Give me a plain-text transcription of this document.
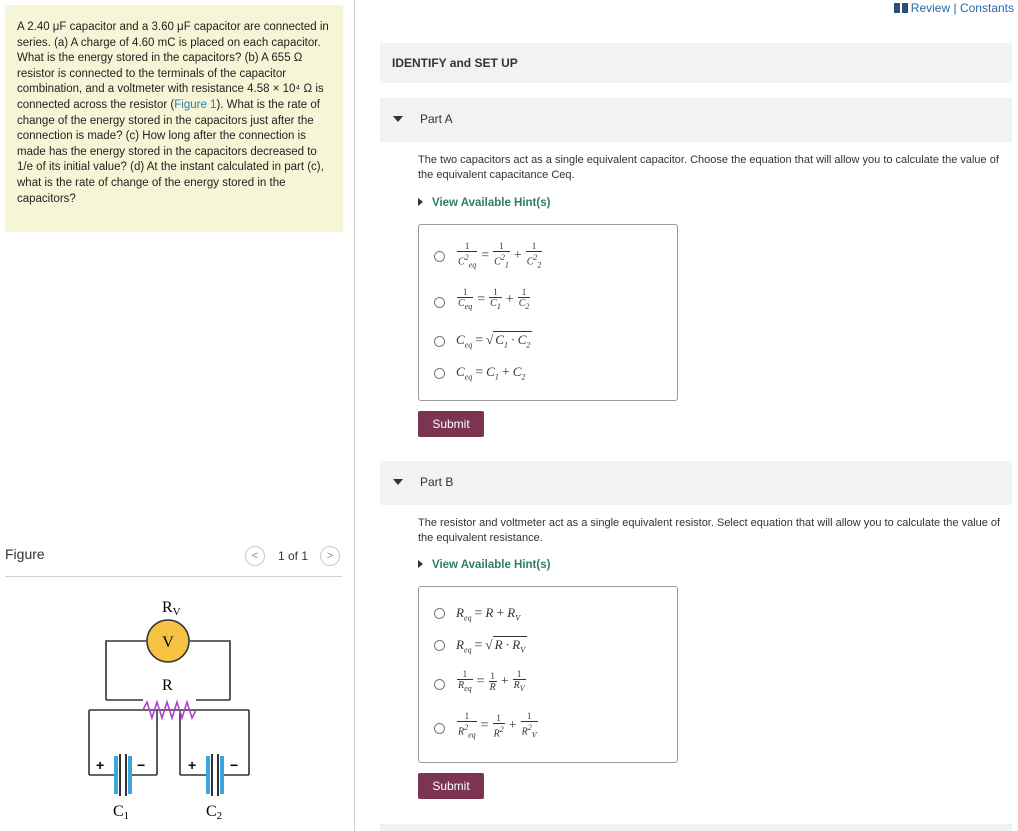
A 2.40 μF capacitor and a 3.60 μF capacitor are connected in series. (a) A charge of 4.60 mC is placed on each capacitor. What is the energy stored in the capacitors? (b) A 655 Ω resistor is connected to the terminals of the capacitor combination, and a voltmeter with resistance 4.58 × 10⁴ Ω is connected across the resistor (Figure 1). What is the rate of change of the energy stored in the capacitors just after the connection is made? (c) How long after the connection is made has the energy stored in the capacitors decreased to 1/e of its initial value? (d) At the instant calculated in part (c), what is the rate of change of the energy stored in the capacitors?
Figure	<	1 of 1	>
V
RV
R
+ −
C1
+ −
C2
Review | Constants
IDENTIFY and SET UP
Part A
The two capacitors act as a single equivalent capacitor. Choose the equation that will allow you to calculate the value of the equivalent capacitance Ceq.
View Available Hint(s)
$\frac{1}{C^2_{eq}} = \frac{1}{C^2_1} + \frac{1}{C^2_2}$
$\frac{1}{C_{eq}} = \frac{1}{C_1} + \frac{1}{C_2}$
$C_{eq}$ = √ $C_1 \cdot C_2$
$C_{eq} = C_1 + C_2$
Submit
Part B
The resistor and voltmeter act as a single equivalent resistor. Select equation that will allow you to calculate the value of the equivalent resistance.
View Available Hint(s)
$R_{eq} = R + R_V$
$R_{eq}$ = √ $R \cdot R_V$
$\frac{1}{R_{eq}} = \frac{1}{R} + \frac{1}{R_V}$
$\frac{1}{R^2_{eq}} = \frac{1}{R^2} + \frac{1}{R^2_V}$
Submit
